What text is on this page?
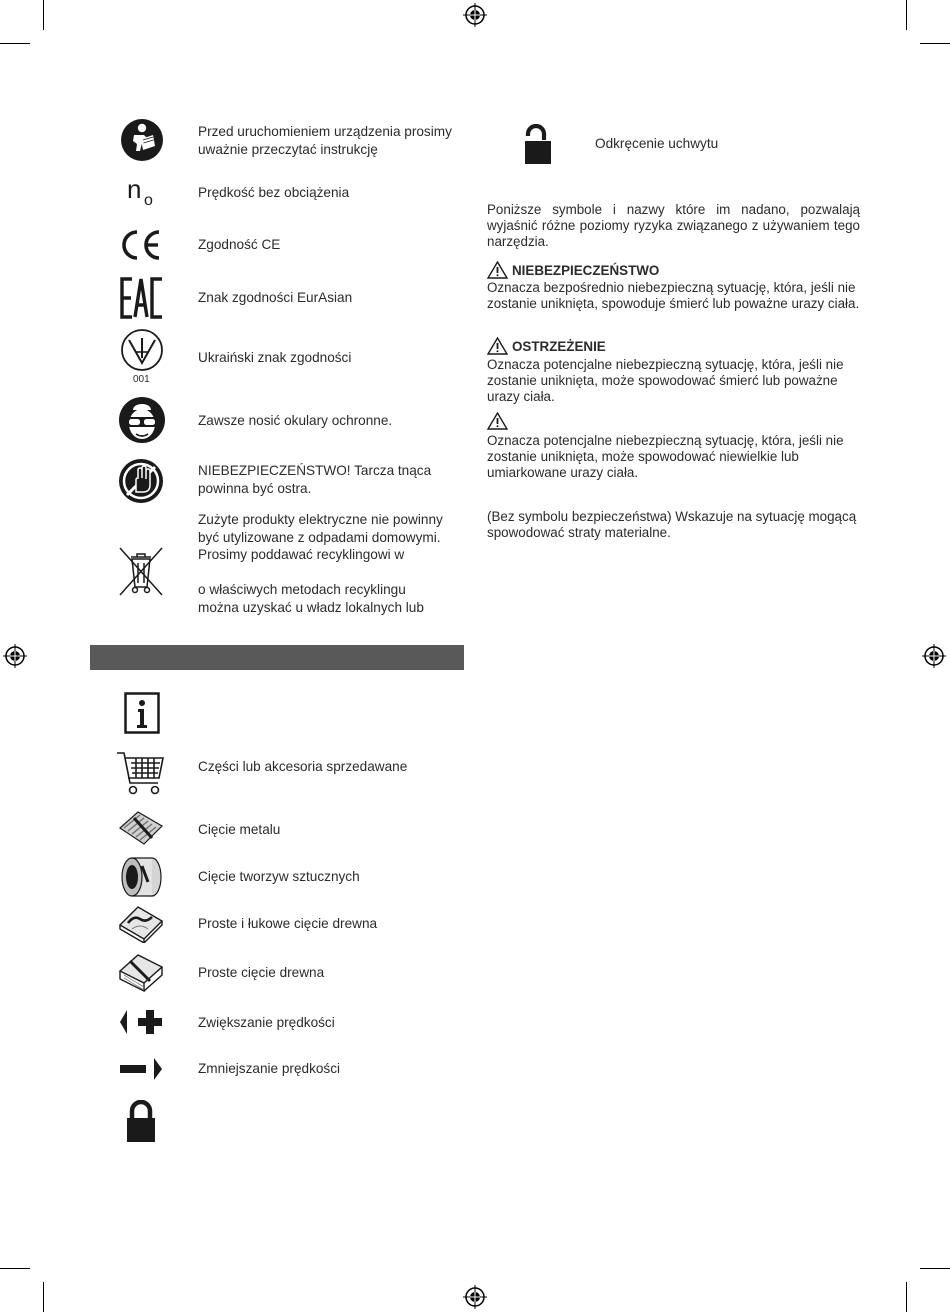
Przed uruchomieniem urządzenia prosimy uważnie przeczytać instrukcję
n o	Prędkość bez obciążenia
Zgodność CE
Znak zgodności EurAsian
001
Ukraiński znak zgodności
Zawsze nosić okulary ochronne.
NIEBEZPIECZEŃSTWO! Tarcza tnąca powinna być ostra.
Zużyte produkty elektryczne nie powinny
być utylizowane z odpadami domowymi.
Prosimy poddawać recyklingowi w
o właściwych metodach recyklingu
można uzyskać u władz lokalnych lub
Części lub akcesoria sprzedawane
Cięcie metalu
Cięcie tworzyw sztucznych
Proste i łukowe cięcie drewna
Proste cięcie drewna
Zwiększanie prędkości
Zmniejszanie prędkości
Odkręcenie uchwytu
Poniższe symbole i nazwy które im nadano, pozwalają wyjaśnić różne poziomy ryzyka związanego z używaniem tego narzędzia.
NIEBEZPIECZEŃSTWO
Oznacza bezpośrednio niebezpieczną sytuację, która, jeśli nie zostanie uniknięta, spowoduje śmierć lub poważne urazy ciała.
OSTRZEŻENIE
Oznacza potencjalne niebezpieczną sytuację, która, jeśli nie zostanie uniknięta, może spowodować śmierć lub poważne urazy ciała.
Oznacza potencjalne niebezpieczną sytuację, która, jeśli nie zostanie uniknięta, może spowodować niewielkie lub umiarkowane urazy ciała.
(Bez symbolu bezpieczeństwa) Wskazuje na sytuację mogącą spowodować straty materialne.
